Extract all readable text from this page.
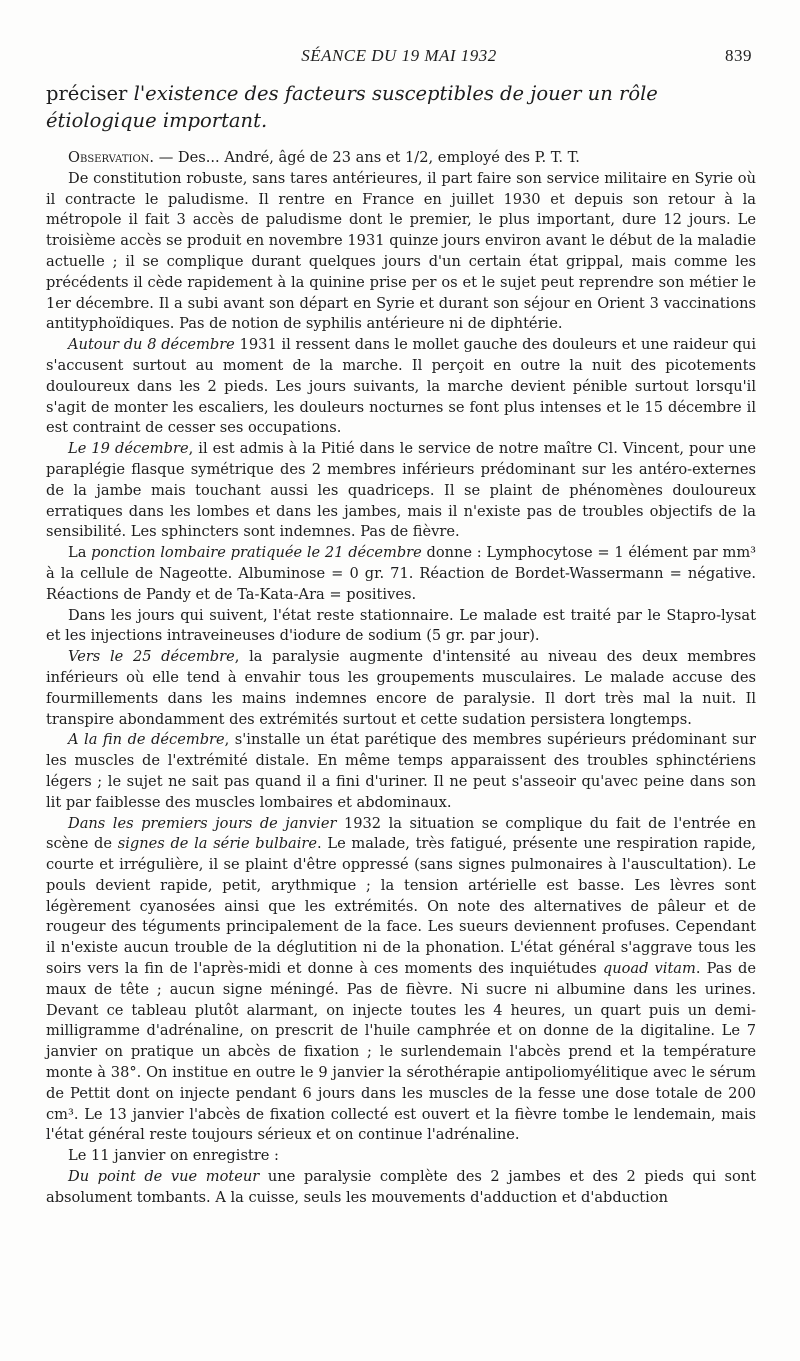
SÉANCE DU 19 MAI 1932	839
préciser l'existence des facteurs susceptibles de jouer un rôle étiologique important.

Observation. — Des... André, âgé de 23 ans et 1/2, employé des P. T. T.

De constitution robuste, sans tares antérieures, il part faire son service militaire en Syrie où il contracte le paludisme. Il rentre en France en juillet 1930 et depuis son retour à la métropole il fait 3 accès de paludisme dont le premier, le plus important, dure 12 jours. Le troisième accès se produit en novembre 1931 quinze jours environ avant le début de la maladie actuelle ; il se complique durant quelques jours d'un certain état grippal, mais comme les précédents il cède rapidement à la quinine prise per os et le sujet peut reprendre son métier le 1er décembre. Il a subi avant son départ en Syrie et durant son séjour en Orient 3 vaccinations antityphoïdiques. Pas de notion de syphilis antérieure ni de diphtérie.

Autour du 8 décembre 1931 il ressent dans le mollet gauche des douleurs et une raideur qui s'accusent surtout au moment de la marche. Il perçoit en outre la nuit des picotements douloureux dans les 2 pieds. Les jours suivants, la marche devient pénible surtout lorsqu'il s'agit de monter les escaliers, les douleurs nocturnes se font plus intenses et le 15 décembre il est contraint de cesser ses occupations.

Le 19 décembre, il est admis à la Pitié dans le service de notre maître Cl. Vincent, pour une paraplégie flasque symétrique des 2 membres inférieurs prédominant sur les antéro-externes de la jambe mais touchant aussi les quadriceps. Il se plaint de phénomènes douloureux erratiques dans les lombes et dans les jambes, mais il n'existe pas de troubles objectifs de la sensibilité. Les sphincters sont indemnes. Pas de fièvre.

La ponction lombaire pratiquée le 21 décembre donne : Lymphocytose = 1 élément par mm³ à la cellule de Nageotte. Albuminose = 0 gr. 71. Réaction de Bordet-Wassermann = négative. Réactions de Pandy et de Ta-Kata-Ara = positives.

Dans les jours qui suivent, l'état reste stationnaire. Le malade est traité par le Stapro-lysat et les injections intraveineuses d'iodure de sodium (5 gr. par jour).

Vers le 25 décembre, la paralysie augmente d'intensité au niveau des deux membres inférieurs où elle tend à envahir tous les groupements musculaires. Le malade accuse des fourmillements dans les mains indemnes encore de paralysie. Il dort très mal la nuit. Il transpire abondamment des extrémités surtout et cette sudation persistera longtemps.

A la fin de décembre, s'installe un état parétique des membres supérieurs prédominant sur les muscles de l'extrémité distale. En même temps apparaissent des troubles sphinctériens légers ; le sujet ne sait pas quand il a fini d'uriner. Il ne peut s'asseoir qu'avec peine dans son lit par faiblesse des muscles lombaires et abdominaux.

Dans les premiers jours de janvier 1932 la situation se complique du fait de l'entrée en scène de signes de la série bulbaire. Le malade, très fatigué, présente une respiration rapide, courte et irrégulière, il se plaint d'être oppressé (sans signes pulmonaires à l'auscultation). Le pouls devient rapide, petit, arythmique ; la tension artérielle est basse. Les lèvres sont légèrement cyanosées ainsi que les extrémités. On note des alternatives de pâleur et de rougeur des téguments principalement de la face. Les sueurs deviennent profuses. Cependant il n'existe aucun trouble de la déglutition ni de la phonation. L'état général s'aggrave tous les soirs vers la fin de l'après-midi et donne à ces moments des inquiétudes quoad vitam. Pas de maux de tête ; aucun signe méningé. Pas de fièvre. Ni sucre ni albumine dans les urines. Devant ce tableau plutôt alarmant, on injecte toutes les 4 heures, un quart puis un demi-milligramme d'adrénaline, on prescrit de l'huile camphrée et on donne de la digitaline. Le 7 janvier on pratique un abcès de fixation ; le surlendemain l'abcès prend et la température monte à 38°. On institue en outre le 9 janvier la sérothérapie antipoliomyélitique avec le sérum de Pettit dont on injecte pendant 6 jours dans les muscles de la fesse une dose totale de 200 cm³. Le 13 janvier l'abcès de fixation collecté est ouvert et la fièvre tombe le lendemain, mais l'état général reste toujours sérieux et on continue l'adrénaline.

Le 11 janvier on enregistre :

Du point de vue moteur une paralysie complète des 2 jambes et des 2 pieds qui sont absolument tombants. A la cuisse, seuls les mouvements d'adduction et d'abduction
